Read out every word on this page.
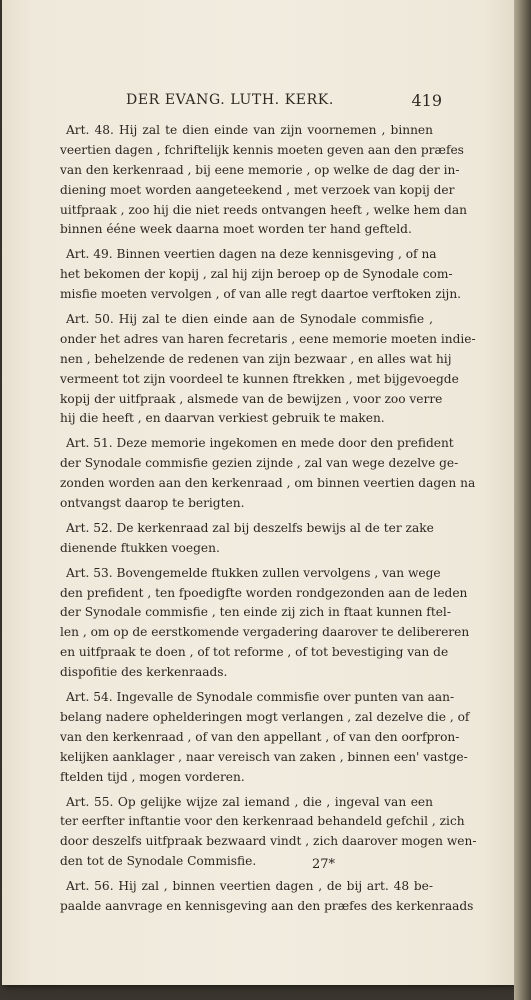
DER EVANG. LUTH. KERK.	419
Art. 48. Hij zal te dien einde van zijn voornemen , binnen
veertien dagen , fchriftelijk kennis moeten geven aan den præfes
van den kerkenraad , bij eene memorie , op welke de dag der in-
diening moet worden aangeteekend , met verzoek van kopij der
uitfpraak , zoo hij die niet reeds ontvangen heeft , welke hem dan
binnen ééne week daarna moet worden ter hand gefteld.
Art. 49. Binnen veertien dagen na deze kennisgeving , of na
het bekomen der kopij , zal hij zijn beroep op de Synodale com-
misfie moeten vervolgen , of van alle regt daartoe verftoken zijn.
Art. 50. Hij zal te dien einde aan de Synodale commisfie ,
onder het adres van haren fecretaris , eene memorie moeten indie-
nen , behelzende de redenen van zijn bezwaar , en alles wat hij
vermeent tot zijn voordeel te kunnen ftrekken , met bijgevoegde
kopij der uitfpraak , alsmede van de bewijzen , voor zoo verre
hij die heeft , en daarvan verkiest gebruik te maken.
Art. 51. Deze memorie ingekomen en mede door den prefident
der Synodale commisfie gezien zijnde , zal van wege dezelve ge-
zonden worden aan den kerkenraad , om binnen veertien dagen na
ontvangst daarop te berigten.
Art. 52. De kerkenraad zal bij deszelfs bewijs al de ter zake
dienende ftukken voegen.
Art. 53. Bovengemelde ftukken zullen vervolgens , van wege
den prefident , ten fpoedigfte worden rondgezonden aan de leden
der Synodale commisfie , ten einde zij zich in ftaat kunnen ftel-
len , om op de eerstkomende vergadering daarover te delibereren
en uitfpraak te doen , of tot reforme , of tot bevestiging van de
dispofitie des kerkenraads.
Art. 54. Ingevalle de Synodale commisfie over punten van aan-
belang nadere ophelderingen mogt verlangen , zal dezelve die , of
van den kerkenraad , of van den appellant , of van den oorfpron-
kelijken aanklager , naar vereisch van zaken , binnen een' vastge-
ftelden tijd , mogen vorderen.
Art. 55. Op gelijke wijze zal iemand , die , ingeval van een
ter eerfter inftantie voor den kerkenraad behandeld gefchil , zich
door deszelfs uitfpraak bezwaard vindt , zich daarover mogen wen-
den tot de Synodale Commisfie.
Art. 56. Hij zal , binnen veertien dagen , de bij art. 48 be-
paalde aanvrage en kennisgeving aan den præfes des kerkenraads
27*
